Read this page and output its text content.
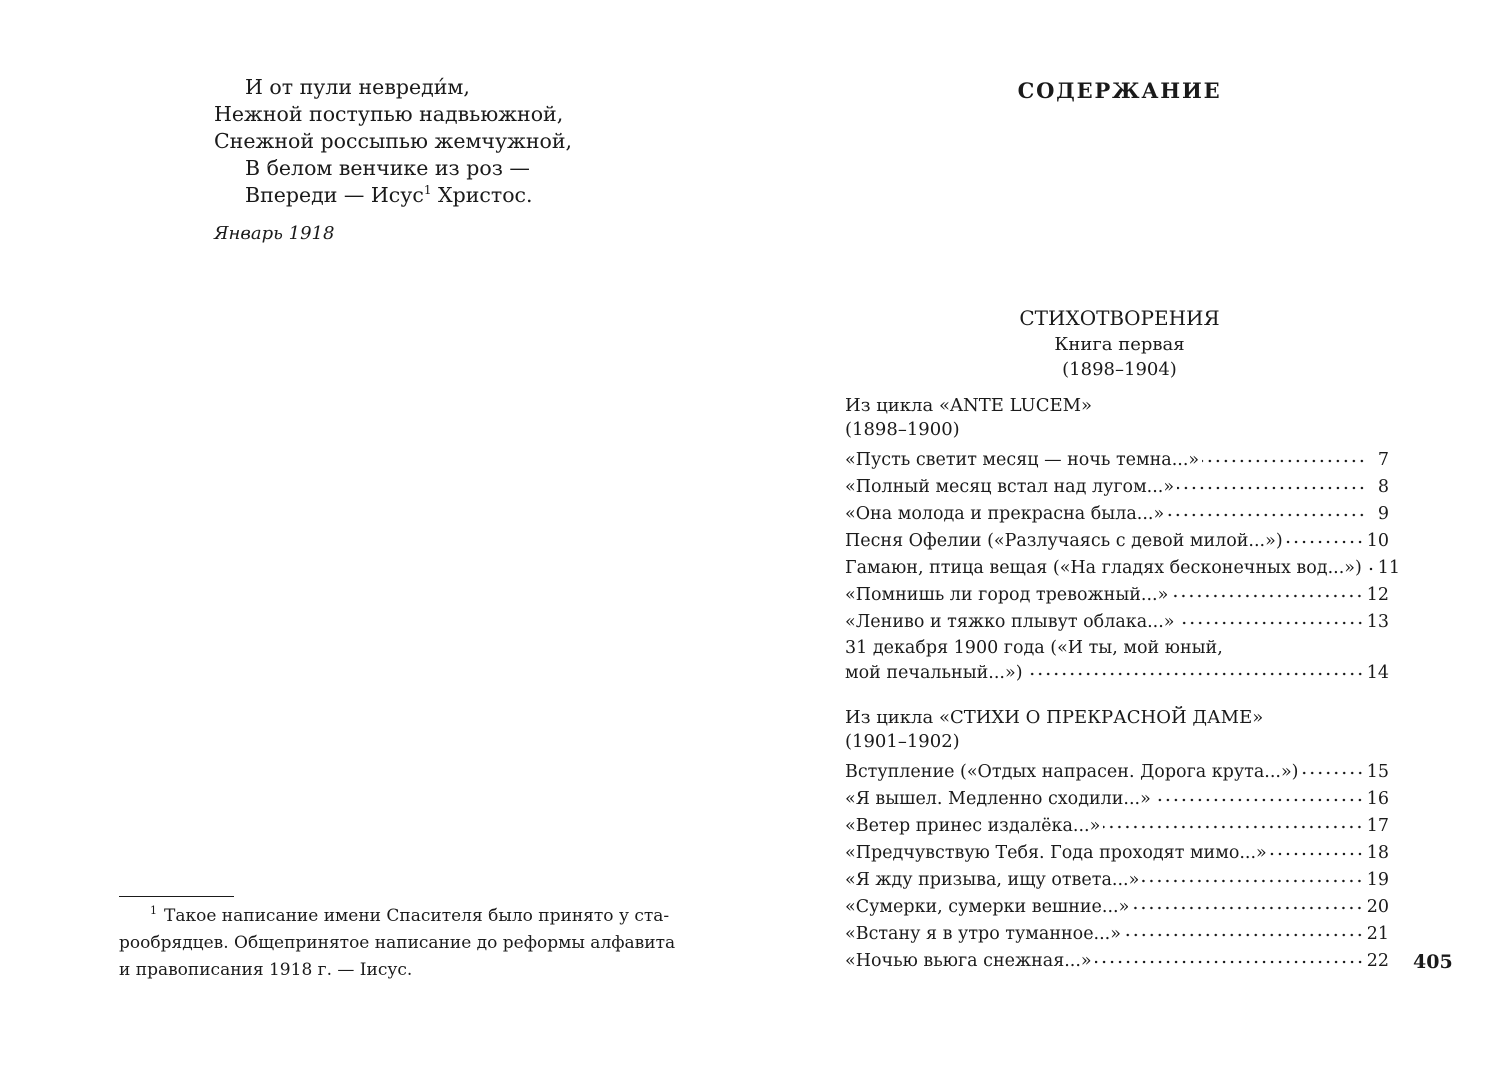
И от пули невреди́м,
Нежной поступью надвьюжной,
Снежной россыпью жемчужной,
В белом венчике из роз —
Впереди — Исус$^1$ Христос.
Январь 1918
$^1$ Такое написание имени Спасителя было принято у ста-
рообрядцев. Общепринятое написание до реформы алфавита
и правописания 1918 г. — Iисус.
СОДЕРЖАНИЕ
СТИХОТВОРЕНИЯ
Книга первая
(1898–1904)
Из цикла «ANTE LUCEM»
(1898–1900)
«Пусть светит месяц — ночь темна...»	7
«Полный месяц встал над лугом...»	8
«Она молода и прекрасна была...»	9
Песня Офелии («Разлучаясь с девой милой...»)	10
Гамаюн, птица вещая («На гладях бесконечных вод...») 11
«Помнишь ли город тревожный...»	12
«Лениво и тяжко плывут облака...»	13
31 декабря 1900 года («И ты, мой юный,
мой печальный...»)	14
Из цикла «СТИХИ О ПРЕКРАСНОЙ ДАМЕ»
(1901–1902)
Вступление («Отдых напрасен. Дорога крута...»)	15
«Я вышел. Медленно сходили...»	16
«Ветер принес издалёка...»	17
«Предчувствую Тебя. Года проходят мимо...»	18
«Я жду призыва, ищу ответа...»	19
«Сумерки, сумерки вешние...»	20
«Встану я в утро туманное...»	21
«Ночью вьюга снежная...»	22 405
